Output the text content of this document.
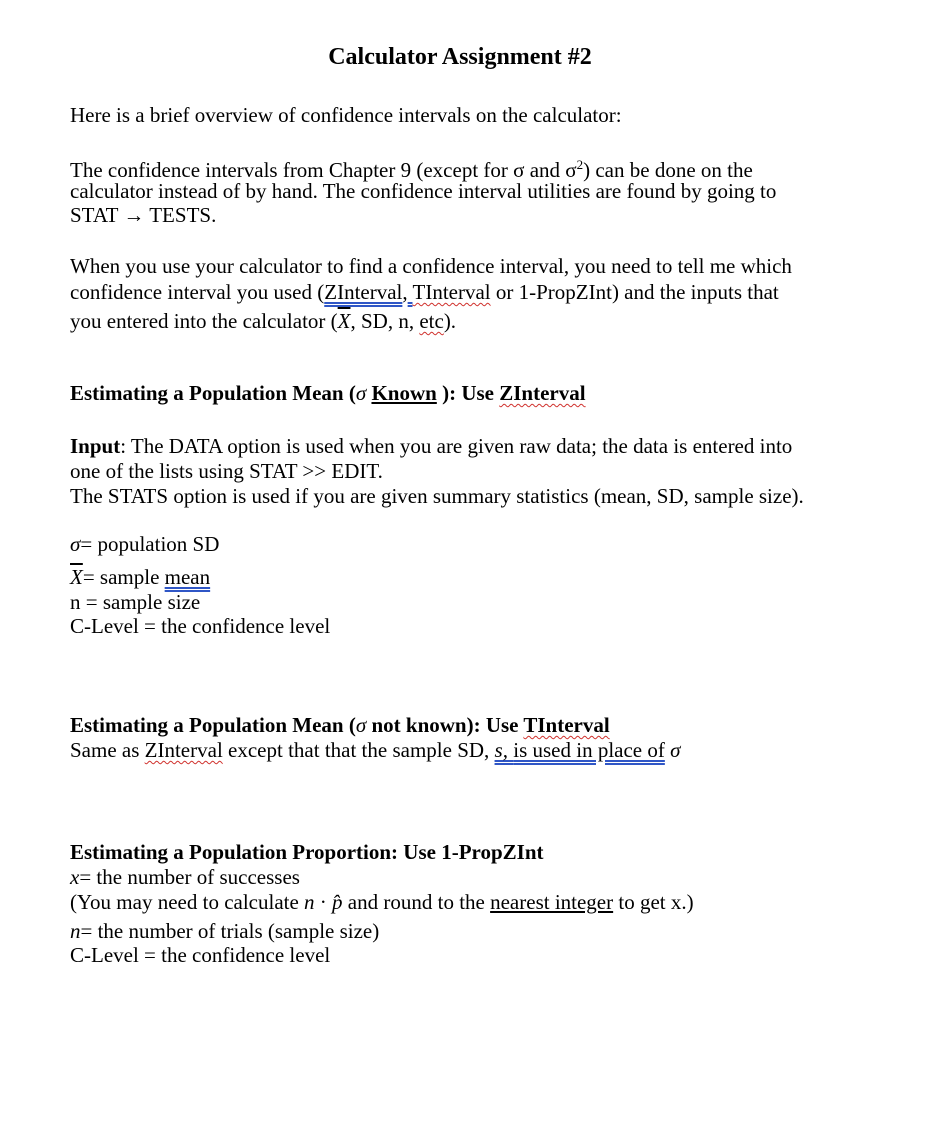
Calculator Assignment #2
Here is a brief overview of confidence intervals on the calculator:
The confidence intervals from Chapter 9 (except for σ and $\sigma^2$) can be done on the
calculator instead of by hand. The confidence interval utilities are found by going to
STAT → TESTS.
When you use your calculator to find a confidence interval, you need to tell me which
confidence interval you used (ZInterval, TInterval or 1-PropZInt) and the inputs that
you entered into the calculator ($\overline{X}$, SD, n, etc).
Estimating a Population Mean (σ Known ): Use ZInterval
Input: The DATA option is used when you are given raw data; the data is entered into
one of the lists using STAT >> EDIT.
The STATS option is used if you are given summary statistics (mean, SD, sample size).
σ= population SD
$\overline{X}=$ sample mean
n = sample size
C-Level = the confidence level
Estimating a Population Mean (σ not known): Use TInterval
Same as ZInterval except that that the sample SD, s, is used in place of σ
Estimating a Population Proportion: Use 1-PropZInt
x= the number of successes
(You may need to calculate n · p̂ and round to the nearest integer to get x.)
n= the number of trials (sample size)
C-Level = the confidence level
